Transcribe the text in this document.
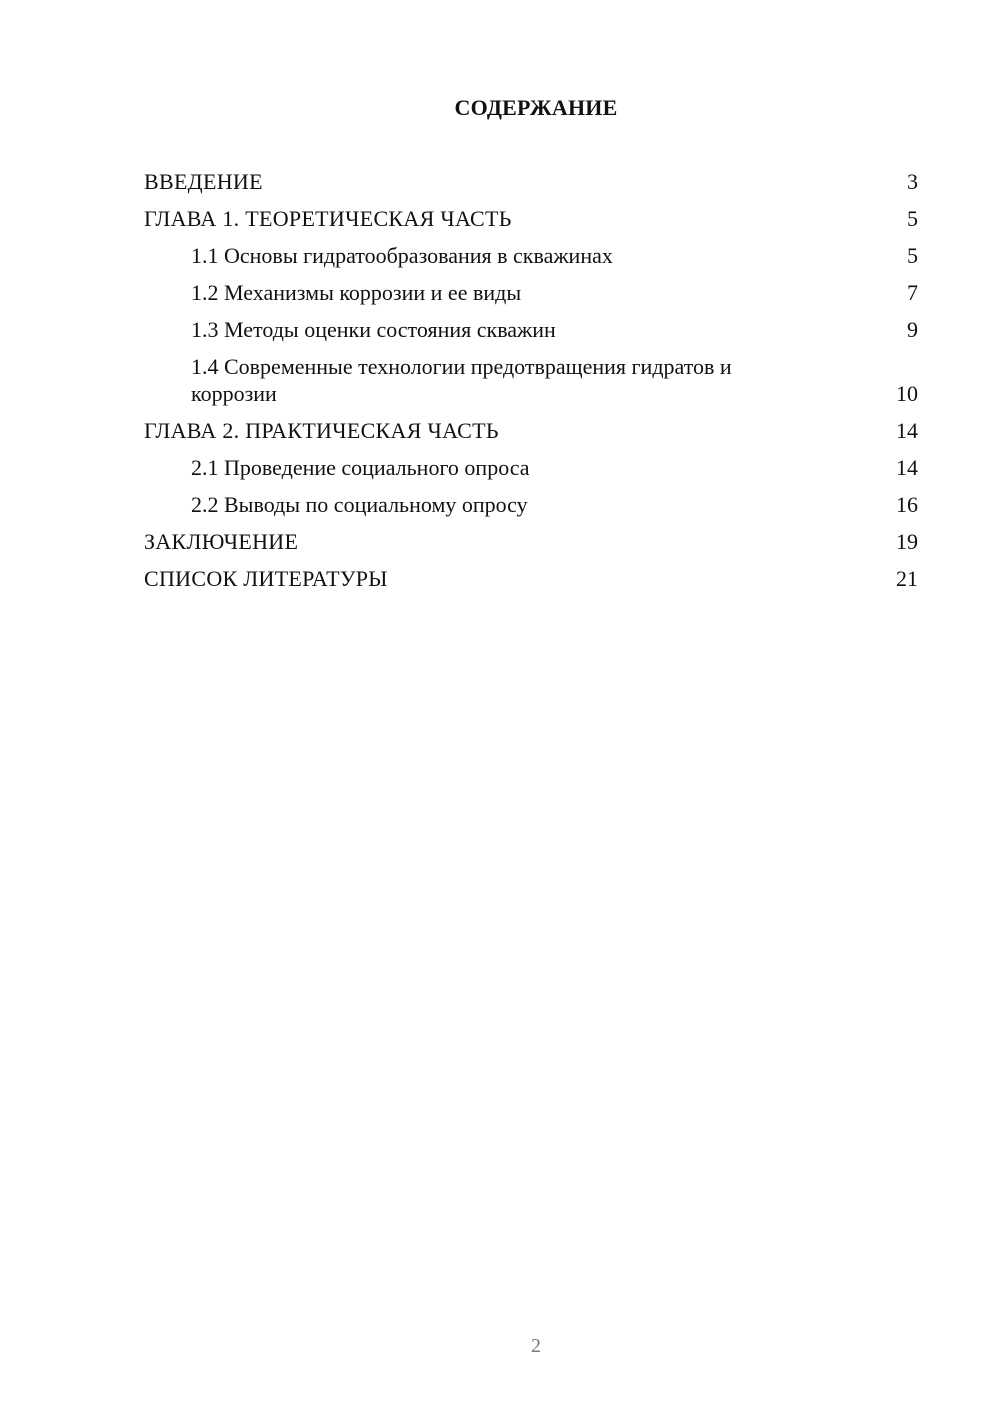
СОДЕРЖАНИЕ
ВВЕДЕНИЕ	3
ГЛАВА 1. ТЕОРЕТИЧЕСКАЯ ЧАСТЬ	5
1.1 Основы гидратообразования в скважинах	5
1.2 Механизмы коррозии и ее виды	7
1.3 Методы оценки состояния скважин	9
1.4 Современные технологии предотвращения гидратов и коррозии	10
ГЛАВА 2. ПРАКТИЧЕСКАЯ ЧАСТЬ	14
2.1 Проведение социального опроса	14
2.2 Выводы по социальному опросу	16
ЗАКЛЮЧЕНИЕ	19
СПИСОК ЛИТЕРАТУРЫ	21
2
